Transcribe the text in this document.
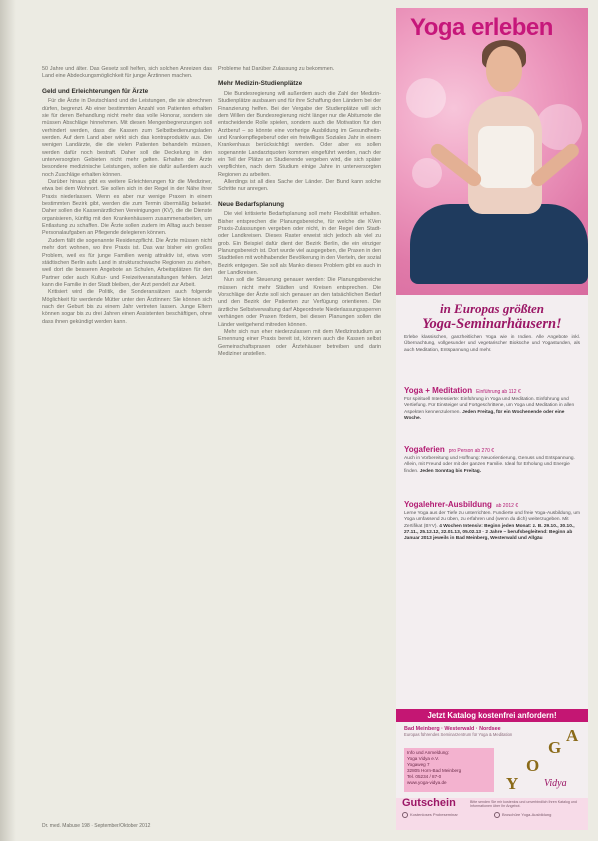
50 Jahre und älter. Das Gesetz soll helfen, sich solchen Anreizen das Land eine Abdeckungsmöglichkeit für junge Ärztinnen machen.

Geld und Erleichterungen für Ärzte

Für die Ärzte in Deutschland und die Leistungen, die sie abrechnen dürfen, begrenzt. Ab einer bestimmten Anzahl von Patienten erhalten sie für deren Behandlung nicht mehr das volle Honorar, sondern sie müssen Abschläge hinnehmen. Mit diesen Mengenbegrenzungen soll verhindert werden, dass die Kassen zum Selbstbedienungsladen werden. Auf dem Land aber wirkt sich das kontraproduktiv aus. Die wenigen Landärzte, die die vielen Patienten behandeln müssen, werden dafür noch bestraft. Daher soll die Deckelung in den unterversorgten Gebieten nicht mehr gelten. Erhalten die Ärzte besondere medizinische Leistungen, sollen sie dafür außerdem auch noch Zuschläge erhalten können.

Darüber hinaus gibt es weitere Erleichterungen für die Mediziner, etwa bei dem Wohnort. Sie sollen sich in der Regel in der Nähe ihrer Praxis niederlassen. Wenn es aber nur wenige Praxen in einem bestimmten Bezirk gibt, werden die zum Termin übermäßig belastet. Daher sollen die Kassenärztlichen Vereinigungen (KV), die die Dienste organisieren, künftig mit den Krankenhäusern zusammenarbeiten, um Entlastung zu schaffen. Die Ärzte sollen zudem im Alltag auch besser Personalaufgaben an Pflegende delegieren können.

Zudem fällt die sogenannte Residenzpflicht. Die Ärzte müssen nicht mehr dort wohnen, wo ihre Praxis ist. Das war bisher ein großes Problem, weil es für junge Familien wenig attraktiv ist, etwa vom städtischen Berlin aufs Land in strukturschwache Regionen zu ziehen, weil dort die besseren Angebote an Schulen, Arbeitsplätzen für den Partner oder auch Kultur- und Freizeitveranstaltungen fehlen. Jetzt kann die Familie in der Stadt bleiben, der Arzt pendelt zur Arbeit.

Kritisiert wird die Politik, die Sonderansätzen auch folgende Möglichkeit für werdende Mütter unter den Ärztinnen: Sie können sich nach der Geburt bis zu einem Jahr vertreten lassen. Junge Eltern können sogar bis zu drei Jahren einen Assistenten beschäftigen, ohne dass ihnen gekündigt werden kann.

Probleme hat Darüber Zulassung zu bekommen.

Mehr Medizin-Studienplätze

Die Bundesregierung will außerdem auch die Zahl der Medizin-Studienplätze ausbauen und für ihre Schaffung den Ländern bei der Finanzierung helfen. Bei der Vergabe der Studienplätze will sich dem Willen der Bundesregierung nicht länger nur die Abiturnote die entscheidende Rolle spielen, sondern auch die Motivation für den Arztberuf – so könnte eine vorherige Ausbildung im Gesundheits- und Krankenpflegeberuf oder ein freiwilliges Soziales Jahr in einem Krankenhaus berücksichtigt werden. Oder aber es sollen sogenannte Landarztquoten kommen eingeführt werden, nach der ein Teil der Plätze an Studierende vergeben wird, die sich später verpflichten, nach dem Studium einige Jahre in unterversorgten Regionen zu arbeiten.

Allerdings ist all dies Sache der Länder. Der Bund kann solche Schritte nur anregen.

Neue Bedarfsplanung

Die viel kritisierte Bedarfsplanung soll mehr Flexibilität erhalten. Bisher entsprechen die Planungsbereiche, für welche die KVen Praxis-Zulassungen vergeben oder nicht, in der Regel den Stadt- oder Landkreisen. Dieses Raster erweist sich jedoch als viel zu grob. Ein Beispiel dafür dient der Bezirk Berlin, die ein einziger Planungsbereich ist. Dort wurde viel ausgegeben, die Praxen in den Stadtteilen mit wohlhabender Bevölkerung in den Vierteln, der sozial Bezirk entgegen. Sie soll als Manko dieses Problem gibt es auch in der Landkreisen.

Nun soll die Steuerung genauer werden: Die Planungsbereiche müssen nicht mehr Städten und Kreisen entsprechen. Die Vorschläge der Ärzte soll sich genauer an den tatsächlichen Bedarf und den Bezirk der Patienten zur Verfügung orientieren. Die ärztliche Selbstverwaltung darf Abgeordnete Niederlassungssperren verhängen oder Praxen fördern, bei diesen Planungen sollen die Länder weitgehend mitreden können.

Mehr sich nun eher niederzulassen mit dem Medizinstudium an Ernennung einer Praxis bereit ist, können auch die Kassen selbst Gemeinschaftspraxen oder Ärztehäuser betreiben und darin Mediziner anstellen.

Dr. med. Mabuse 198 · September/Oktober 2012
Yoga erleben
in Europas größten
Yoga-Seminarhäusern!
Erlebe klassischen, ganzheitlichen Yoga wie in Indien. Alle Angebote inkl. Übernachtung, vollgesunder und vegetarischer Bioküche und Yogastunden, als auch Meditation, Entspannung und mehr.
Yoga + Meditation Einführung ab 112 €
Für spirituell Interessierte: Einführung in Yoga und Meditation. Einführung und Vertiefung. Für Einsteiger und Fortgeschrittene, um Yoga und Meditation in allen Aspekten kennenzulernen. Jeden Freitag, für ein Wochenende oder eine Woche.
Yogaferien pro Person ab 270 €
Auch in Vorbereitung und Hoffnung: Neuorientierung, Genuss und Entspannung. Allein, mit Freund oder mit der ganzen Familie. Ideal für Erholung und Energie finden. Jeden Sonntag bis Freitag.
Yogalehrer-Ausbildung ab 2012 €
Lerne Yoga aus der Tiefe zu unterrichten. Fundierte und freie Yoga-Ausbildung, um Yoga umfassend zu üben, zu erfahren und (wenn du dich) weiterzugeben. Mit Zertifikat (BYV). 4 Wochen Intensiv: Beginn jeden Monat: z. B. 29.10., 30.10., 27.11., 25.12.12, 22.01.13, 05.02.13 · 2 Jahre – berufsbegleitend: Beginn ab Januar 2013 jeweils in Bad Meinberg, Westerwald und Allgäu
Jetzt Katalog kostenfrei anfordern!
Bad Meinberg · Westerwald · Nordsee
Europas führendes Seminarzentrum für Yoga & Meditation
Info und Anmeldung:
Yoga Vidya e.V.
Yogaweg 7
32805 Horn-Bad Meinberg
Tel. 05234 / 87-0
www.yoga-vidya.de	Y
O
G
A
Vidya
Gutschein	Bitte senden Sie mir kostenlos und unverbindlich Ihren Katalog und Informationen über Ihr Angebot.
Kostenloses Probeseminar	Broschüre Yoga-Ausbildung
